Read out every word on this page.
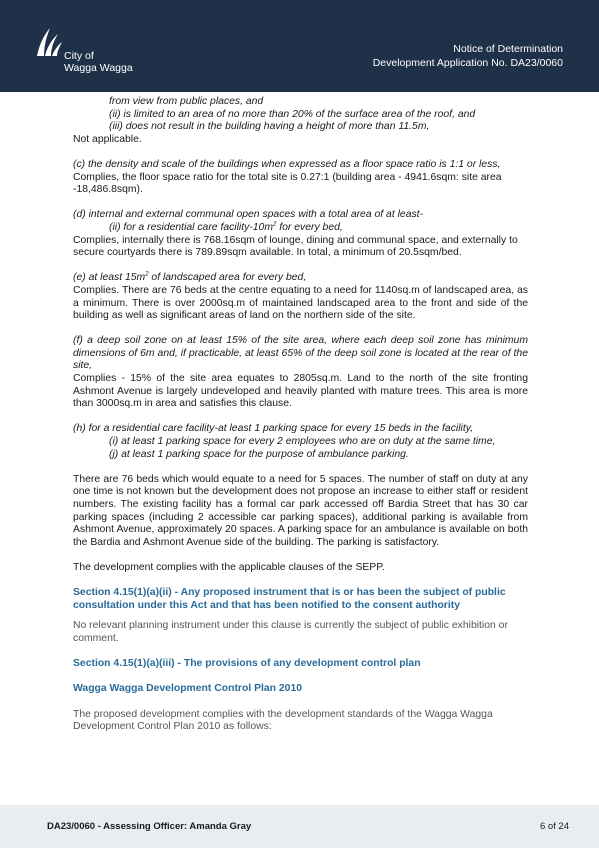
City of
Wagga Wagga
Notice of Determination
Development Application No. DA23/0060

from view from public places, and

(ii) is limited to an area of no more than 20% of the surface area of the roof, and

(iii) does not result in the building having a height of more than 11.5m,

Not applicable.

(c) the density and scale of the buildings when expressed as a floor space ratio is 1:1 or less,

Complies, the floor space ratio for the total site is 0.27:1 (building area - 4941.6sqm: site area -18,486.8sqm).

(d) internal and external communal open spaces with a total area of at least-

(ii) for a residential care facility-$10m^2$ for every bed,

Complies, internally there is 768.16sqm of lounge, dining and communal space, and externally to secure courtyards there is 789.89sqm available. In total, a minimum of 20.5sqm/bed.

(e) at least $15m^2$ of landscaped area for every bed,

Complies. There are 76 beds at the centre equating to a need for 1140sq.m of landscaped area, as a minimum. There is over 2000sq.m of maintained landscaped area to the front and side of the building as well as significant areas of land on the northern side of the site.

(f) a deep soil zone on at least 15% of the site area, where each deep soil zone has minimum dimensions of 6m and, if practicable, at least 65% of the deep soil zone is located at the rear of the site,

Complies - 15% of the site area equates to 2805sq.m. Land to the north of the site fronting Ashmont Avenue is largely undeveloped and heavily planted with mature trees. This area is more than 3000sq.m in area and satisfies this clause.

(h) for a residential care facility-at least 1 parking space for every 15 beds in the facility,

(i) at least 1 parking space for every 2 employees who are on duty at the same time,

(j) at least 1 parking space for the purpose of ambulance parking.

There are 76 beds which would equate to a need for 5 spaces. The number of staff on duty at any one time is not known but the development does not propose an increase to either staff or resident numbers. The existing facility has a formal car park accessed off Bardia Street that has 30 car parking spaces (including 2 accessible car parking spaces), additional parking is available from Ashmont Avenue, approximately 20 spaces. A parking space for an ambulance is available on both the Bardia and Ashmont Avenue side of the building. The parking is satisfactory.

The development complies with the applicable clauses of the SEPP.

Section 4.15(1)(a)(ii) - Any proposed instrument that is or has been the subject of public consultation under this Act and that has been notified to the consent authority

No relevant planning instrument under this clause is currently the subject of public exhibition or comment.

Section 4.15(1)(a)(iii) - The provisions of any development control plan

Wagga Wagga Development Control Plan 2010

The proposed development complies with the development standards of the Wagga Wagga Development Control Plan 2010 as follows:

DA23/0060 - Assessing Officer: Amanda Gray	6 of 24
